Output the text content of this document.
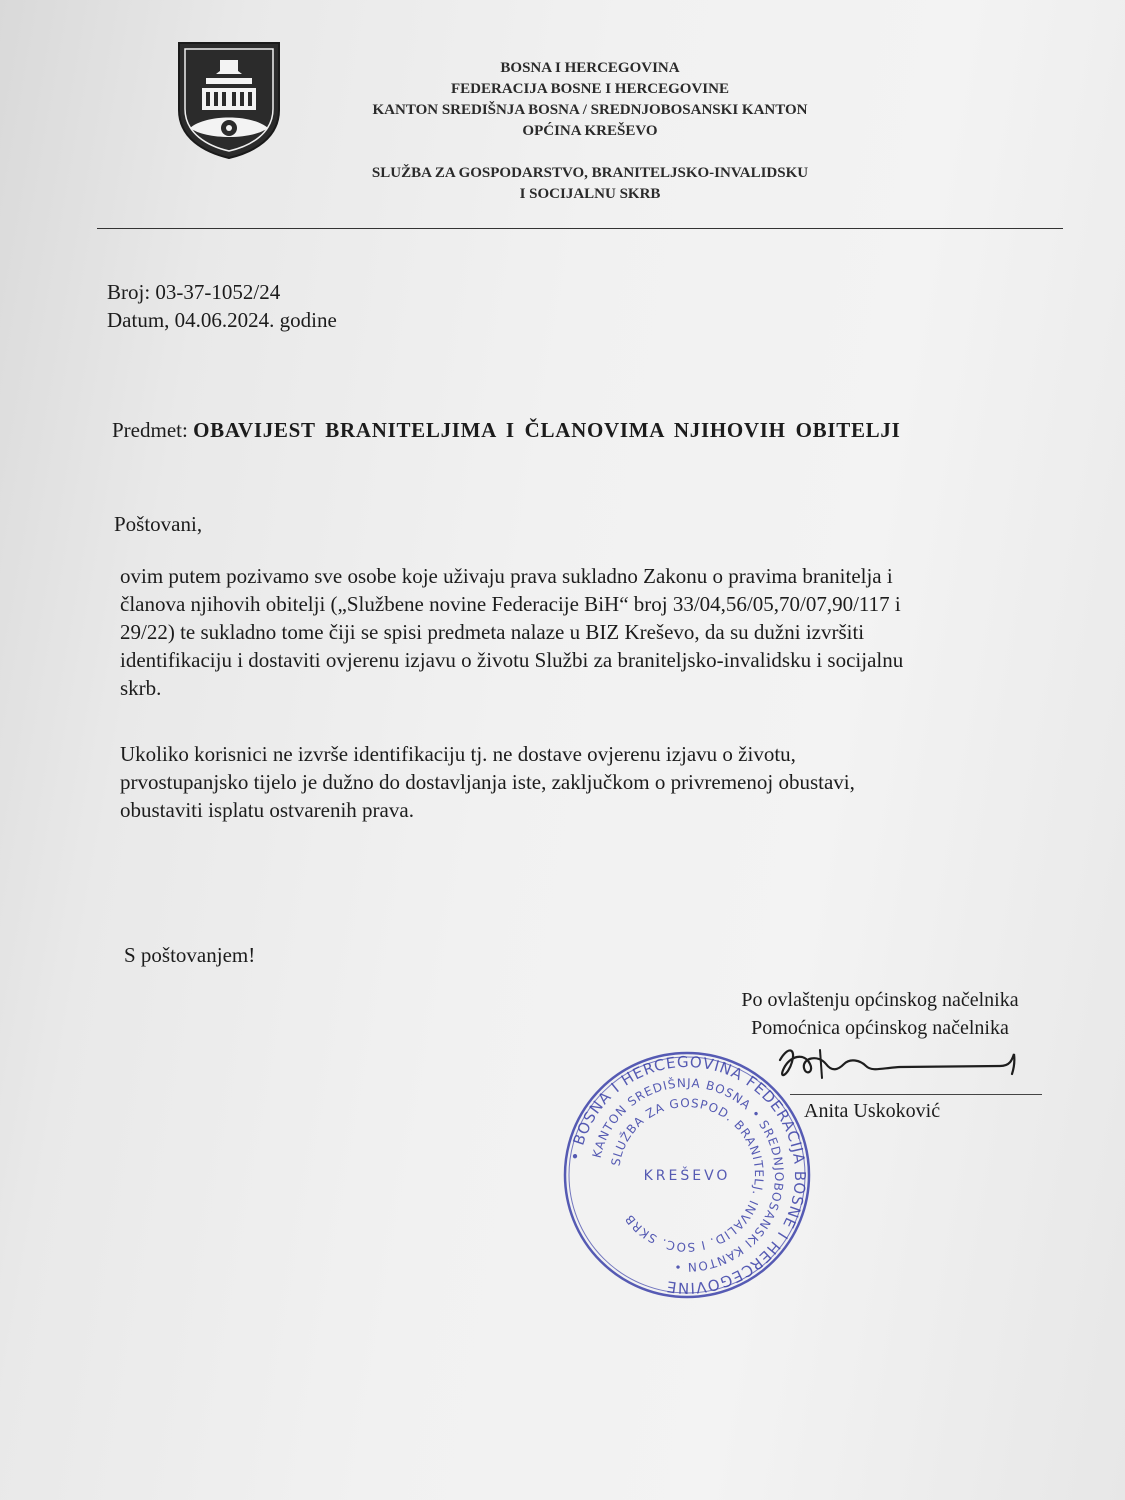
BOSNA I HERCEGOVINA
FEDERACIJA BOSNE I HERCEGOVINE
KANTON SREDIŠNJA BOSNA / SREDNJOBOSANSKI KANTON
OPĆINA KREŠEVO
SLUŽBA ZA GOSPODARSTVO, BRANITELJSKO-INVALIDSKU
I SOCIJALNU SKRB
Broj: 03-37-1052/24
Datum, 04.06.2024. godine
Predmet: OBAVIJEST BRANITELJIMA I ČLANOVIMA NJIHOVIH OBITELJI
Poštovani,
ovim putem pozivamo sve osobe koje uživaju prava sukladno Zakonu o pravima branitelja i
članova njihovih obitelji („Službene novine Federacije BiH“ broj 33/04,56/05,70/07,90/117 i
29/22) te sukladno tome čiji se spisi predmeta nalaze u BIZ Kreševo, da su dužni izvršiti
identifikaciju i dostaviti ovjerenu izjavu o životu Službi za braniteljsko-invalidsku i socijalnu
skrb.
Ukoliko korisnici ne izvrše identifikaciju tj. ne dostave ovjerenu izjavu o životu,
prvostupanjsko tijelo je dužno do dostavljanja iste, zaključkom o privremenoj obustavi,
obustaviti isplatu ostvarenih prava.
S poštovanjem!
Po ovlaštenju općinskog načelnika
Pomoćnica općinskog načelnika
• BOSNA I HERCEGOVINA FEDERACIJA BOSNE I HERCEGOVINE
KANTON SREDIŠNJA BOSNA • SREDNJOBOSANSKI KANTON •
SLUŽBA ZA GOSPOD. BRANITELJ. INVALID. I SOC. SKRB
KREŠEVO
Anita Uskoković
